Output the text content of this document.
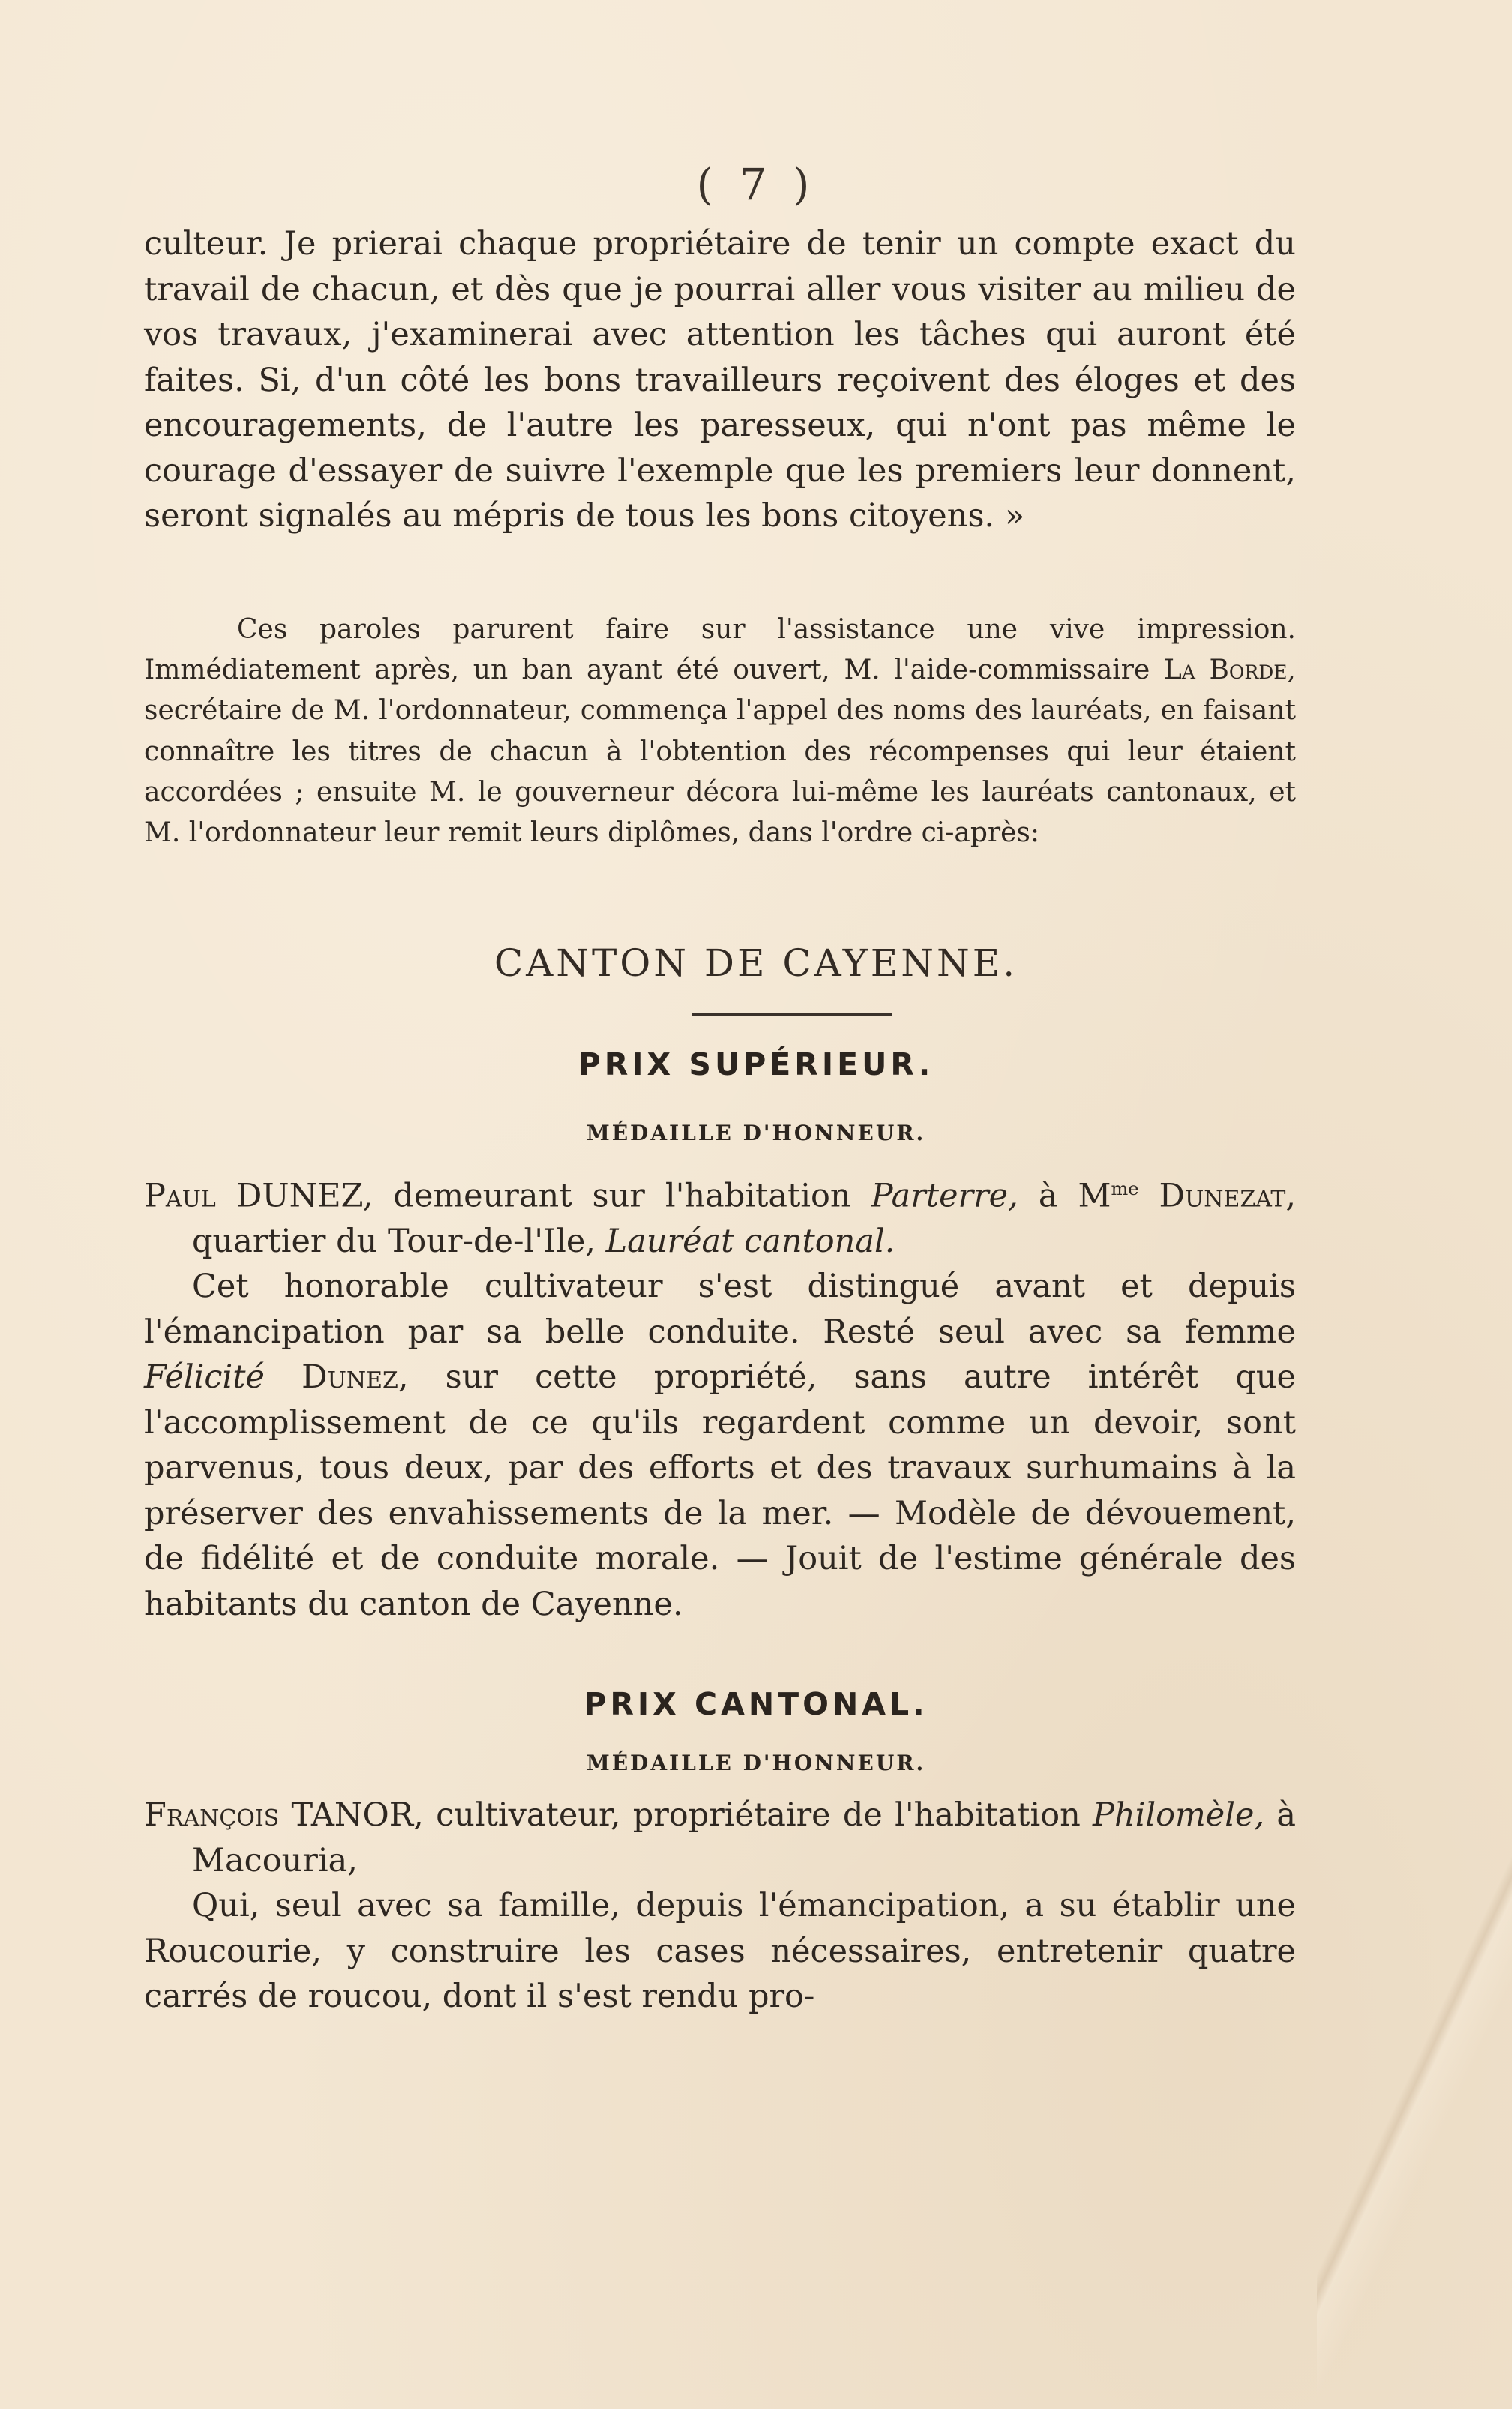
( 7 )

culteur. Je prierai chaque propriétaire de tenir un compte exact du travail de chacun, et dès que je pourrai aller vous visiter au milieu de vos travaux, j'examinerai avec attention les tâches qui auront été faites. Si, d'un côté les bons travailleurs reçoivent des éloges et des encouragements, de l'autre les paresseux, qui n'ont pas même le courage d'essayer de suivre l'exemple que les premiers leur donnent, seront signalés au mépris de tous les bons citoyens. »

Ces paroles parurent faire sur l'assistance une vive impression. Immédiatement après, un ban ayant été ouvert, M. l'aide-commissaire La Borde, secrétaire de M. l'ordonnateur, commença l'appel des noms des lauréats, en faisant connaître les titres de chacun à l'obtention des récompenses qui leur étaient accordées ; ensuite M. le gouverneur décora lui-même les lauréats cantonaux, et M. l'ordonnateur leur remit leurs diplômes, dans l'ordre ci-après:

CANTON DE CAYENNE.
PRIX SUPÉRIEUR.
MÉDAILLE D'HONNEUR.

Paul DUNEZ, demeurant sur l'habitation Parterre, à $M^{me}$ Dunezat, quartier du Tour-de-l'Ile, Lauréat cantonal.

Cet honorable cultivateur s'est distingué avant et depuis l'émancipation par sa belle conduite. Resté seul avec sa femme Félicité Dunez, sur cette propriété, sans autre intérêt que l'accomplissement de ce qu'ils regardent comme un devoir, sont parvenus, tous deux, par des efforts et des travaux surhumains à la préserver des envahissements de la mer. — Modèle de dévouement, de fidélité et de conduite morale. — Jouit de l'estime générale des habitants du canton de Cayenne.

PRIX CANTONAL.
MÉDAILLE D'HONNEUR.

François TANOR, cultivateur, propriétaire de l'habitation Philomèle, à Macouria,

Qui, seul avec sa famille, depuis l'émancipation, a su établir une Roucourie, y construire les cases nécessaires, entretenir quatre carrés de roucou, dont il s'est rendu pro-
